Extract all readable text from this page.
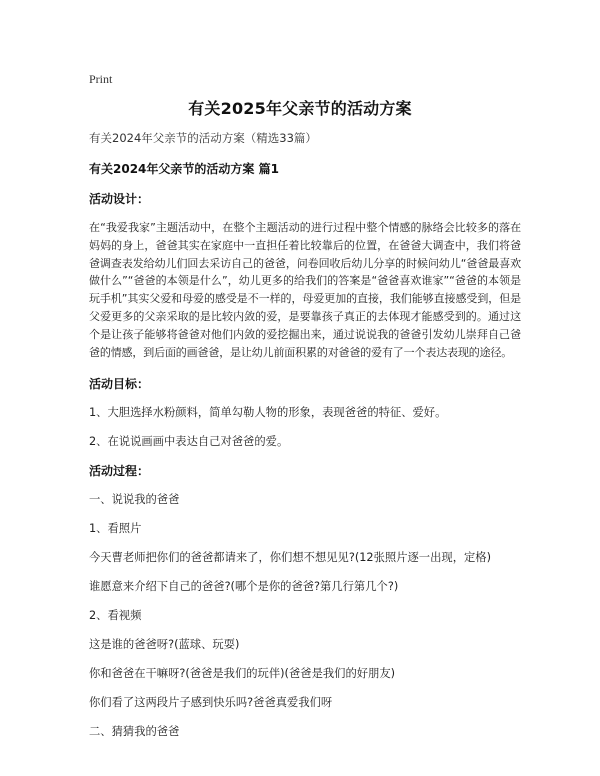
Print
有关2025年父亲节的活动方案
有关2024年父亲节的活动方案（精选33篇）
有关2024年父亲节的活动方案 篇1
活动设计：
在“我爱我家”主题活动中，在整个主题活动的进行过程中整个情感的脉络会比较多的落在妈妈的身上，爸爸其实在家庭中一直担任着比较靠后的位置，在爸爸大调查中，我们将爸爸调查表发给幼儿们回去采访自己的爸爸，问卷回收后幼儿分享的时候问幼儿“爸爸最喜欢做什么”“爸爸的本领是什么”，幼儿更多的给我们的答案是“爸爸喜欢谁家”“爸爸的本领是玩手机”其实父爱和母爱的感受是不一样的，母爱更加的直接，我们能够直接感受到，但是父爱更多的父亲采取的是比较内敛的爱，是要靠孩子真正的去体现才能感受到的。通过这个是让孩子能够将爸爸对他们内敛的爱挖掘出来，通过说说我的爸爸引发幼儿崇拜自己爸爸的情感，到后面的画爸爸，是让幼儿前面积累的对爸爸的爱有了一个表达表现的途径。
活动目标：
1、大胆选择水粉颜料，简单勾勒人物的形象，表现爸爸的特征、爱好。
2、在说说画画中表达自己对爸爸的爱。
活动过程：
一、说说我的爸爸
1、看照片
今天曹老师把你们的爸爸都请来了，你们想不想见见?(12张照片逐一出现，定格)
谁愿意来介绍下自己的爸爸?(哪个是你的爸爸?第几行第几个?)
2、看视频
这是谁的爸爸呀?(蓝球、玩耍)
你和爸爸在干嘛呀?(爸爸是我们的玩伴)(爸爸是我们的好朋友)
你们看了这两段片子感到快乐吗?爸爸真爱我们呀
二、猜猜我的爸爸
